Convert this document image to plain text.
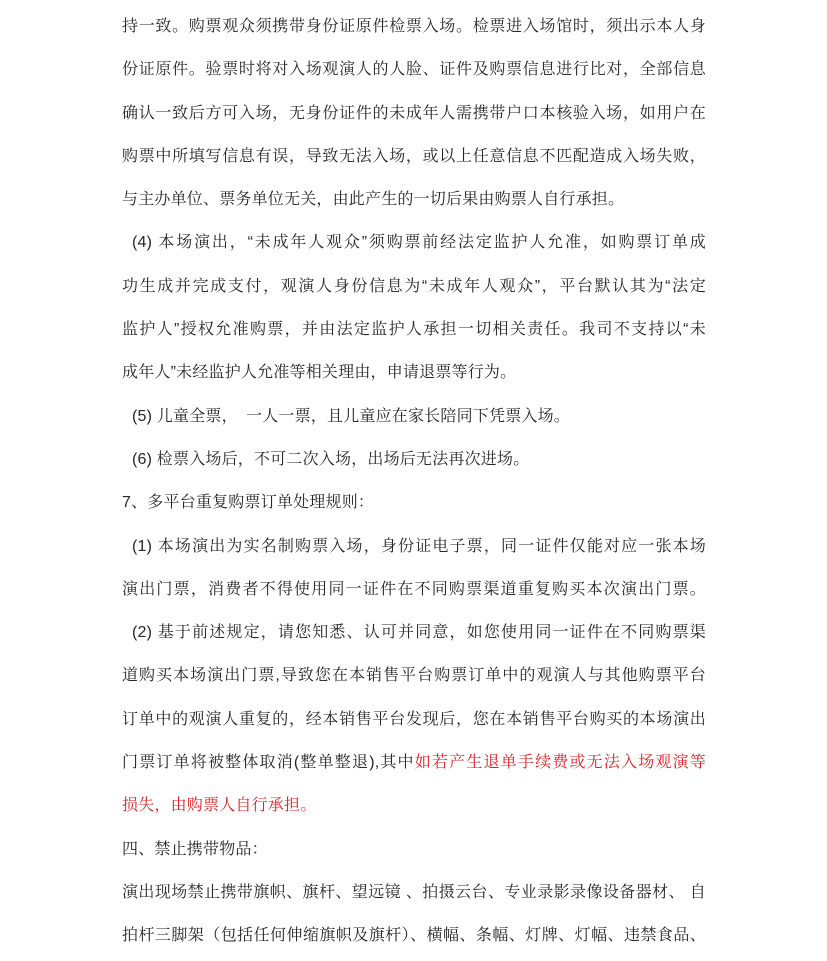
持一致。购票观众须携带身份证原件检票入场。检票进入场馆时，须出示本人身
份证原件。验票时将对入场观演人的人脸、证件及购票信息进行比对，全部信息
确认一致后方可入场，无身份证件的未成年人需携带户口本核验入场，如用户在
购票中所填写信息有误，导致无法入场，或以上任意信息不匹配造成入场失败，
与主办单位、票务单位无关，由此产生的一切后果由购票人自行承担。
(4) 本场演出，“未成年人观众”须购票前经法定监护人允准，如购票订单成
功生成并完成支付，观演人身份信息为“未成年人观众”，平台默认其为“法定
监护人”授权允准购票，并由法定监护人承担一切相关责任。我司不支持以“未
成年人”未经监护人允准等相关理由，申请退票等行为。
(5) 儿童全票，　一人一票，且儿童应在家长陪同下凭票入场。
(6) 检票入场后，不可二次入场，出场后无法再次进场。
7、多平台重复购票订单处理规则：
(1) 本场演出为实名制购票入场，身份证电子票，同一证件仅能对应一张本场
演出门票，消费者不得使用同一证件在不同购票渠道重复购买本次演出门票。
(2) 基于前述规定，请您知悉、认可并同意，如您使用同一证件在不同购票渠
道购买本场演出门票,导致您在本销售平台购票订单中的观演人与其他购票平台
订单中的观演人重复的，经本销售平台发现后，您在本销售平台购买的本场演出
门票订单将被整体取消(整单整退),其中如若产生退单手续费或无法入场观演等
损失，由购票人自行承担。
四、禁止携带物品：
演出现场禁止携带旗帜、旗杆、望远镜 、拍摄云台、专业录影录像设备器材、 自
拍杆三脚架（包括任何伸缩旗帜及旗杆）、横幅、条幅、灯牌、灯幅、违禁食品、
